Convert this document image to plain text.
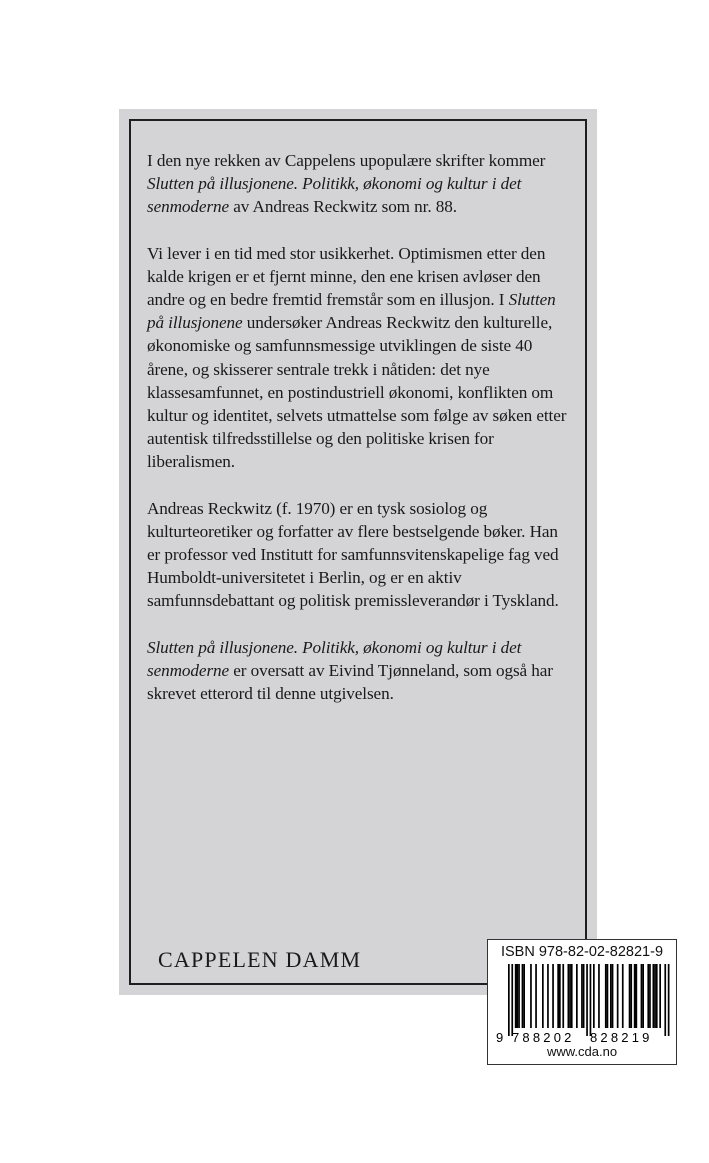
I den nye rekken av Cappelens upopulære skrifter kommer Slutten på illusjonene. Politikk, økonomi og kultur i det senmoderne av Andreas Reckwitz som nr. 88.

Vi lever i en tid med stor usikkerhet. Optimismen etter den kalde krigen er et fjernt minne, den ene krisen avløser den andre og en bedre fremtid fremstår som en illusjon. I Slutten på illusjonene undersøker Andreas Reckwitz den kulturelle, økonomiske og samfunnsmessige utviklingen de siste 40 årene, og skisserer sentrale trekk i nåtiden: det nye klassesamfunnet, en postindustriell økonomi, konflikten om kultur og identitet, selvets utmattelse som følge av søken etter autentisk tilfredsstillelse og den politiske krisen for liberalismen.

Andreas Reckwitz (f. 1970) er en tysk sosiolog og kulturteoretiker og forfatter av flere bestselgende bøker. Han er professor ved Institutt for samfunnsvitenskapelige fag ved Humboldt-universitetet i Berlin, og er en aktiv samfunnsdebattant og politisk premissleverandør i Tyskland.

Slutten på illusjonene. Politikk, økonomi og kultur i det senmoderne er oversatt av Eivind Tjønneland, som også har skrevet etterord til denne utgivelsen.

CAPPELEN DAMM	ISBN 978-82-02-82821-9
9 788202 828219
www.cda.no
